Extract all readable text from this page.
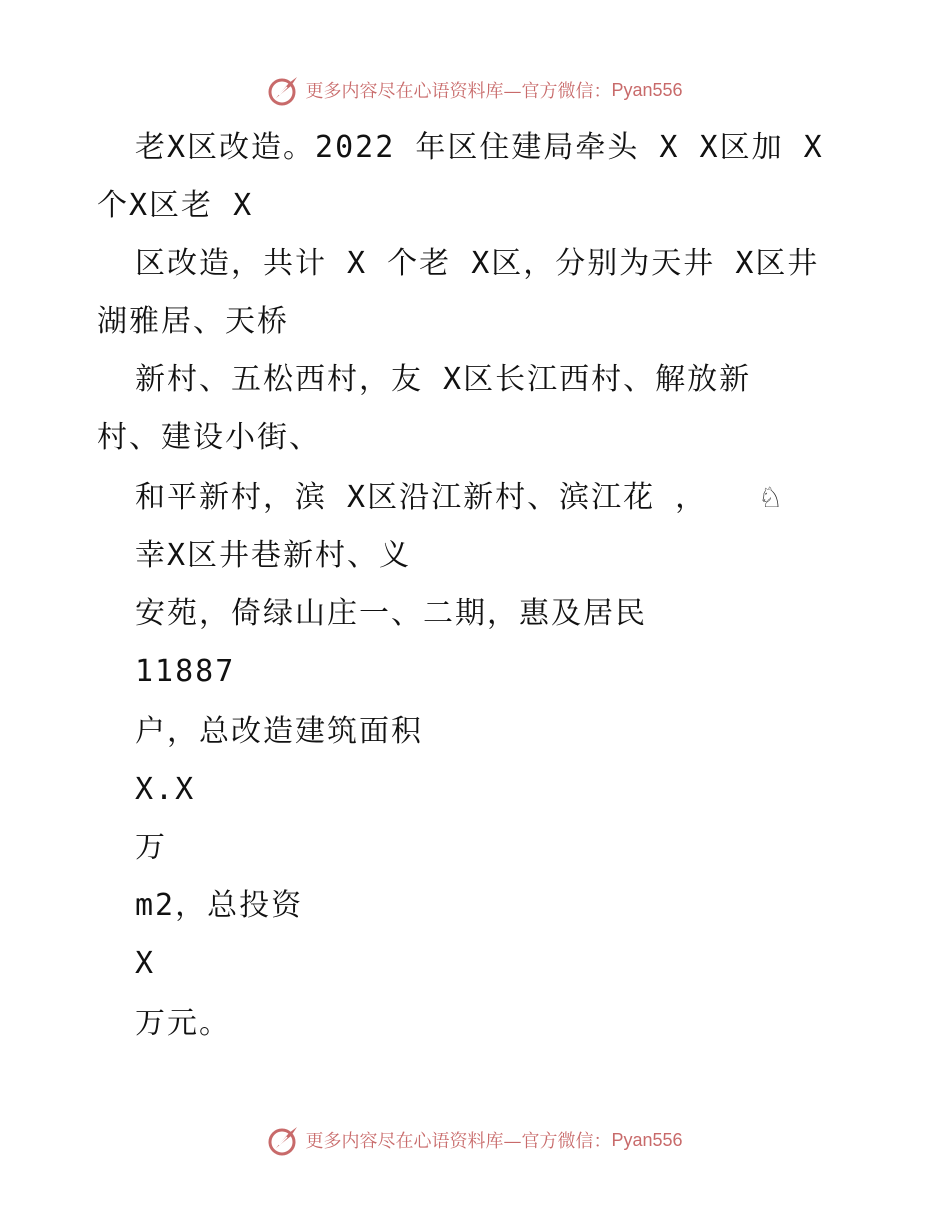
更多内容尽在心语资料库—官方微信： Pyan556
老X区改造。2022 年区住建局牵头 X X区加 X
个X区老 X
区改造，共计 X 个老 X区，分别为天井 X区井
湖雅居、天桥
新村、五松西村，友 X区长江西村、解放新
村、建设小街、
和平新村，滨 X区沿江新村、滨江花 ， ♘
幸X区井巷新村、义
安苑，倚绿山庄一、二期，惠及居民
11887
户，总改造建筑面积
X.X
万
m2，总投资
X
万元。
更多内容尽在心语资料库—官方微信： Pyan556
